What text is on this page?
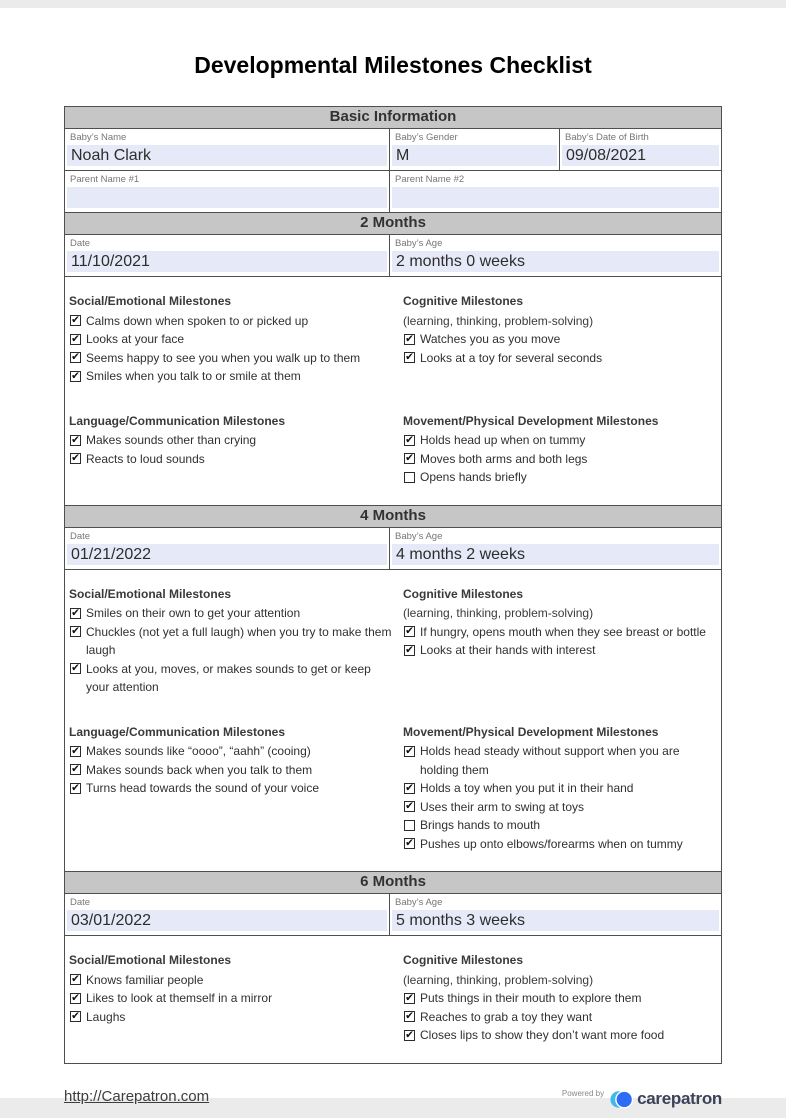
Developmental Milestones Checklist
Basic Information
Baby’s Name
Noah Clark
Baby’s Gender
M
Baby’s Date of Birth
09/08/2021
Parent Name #1	Parent Name #2
2 Months
Date
11/10/2021
Baby’s Age
2 months 0 weeks
Social/Emotional Milestones
✔ Calms down when spoken to or picked up
✔ Looks at your face
✔ Seems happy to see you when you walk up to them
✔ Smiles when you talk to or smile at them
Cognitive Milestones
(learning, thinking, problem-solving)
✔ Watches you as you move
✔ Looks at a toy for several seconds
Language/Communication Milestones
✔ Makes sounds other than crying
✔ Reacts to loud sounds
Movement/Physical Development Milestones
✔ Holds head up when on tummy
✔ Moves both arms and both legs
Opens hands briefly
4 Months
Date
01/21/2022
Baby’s Age
4 months 2 weeks
Social/Emotional Milestones
✔ Smiles on their own to get your attention
✔ Chuckles (not yet a full laugh) when you try to make them laugh
✔ Looks at you, moves, or makes sounds to get or keep your attention
Cognitive Milestones
(learning, thinking, problem-solving)
✔ If hungry, opens mouth when they see breast or bottle
✔ Looks at their hands with interest
Language/Communication Milestones
✔ Makes sounds like “oooo”, “aahh” (cooing)
✔ Makes sounds back when you talk to them
✔ Turns head towards the sound of your voice
Movement/Physical Development Milestones
✔ Holds head steady without support when you are holding them
✔ Holds a toy when you put it in their hand
✔ Uses their arm to swing at toys
Brings hands to mouth
✔ Pushes up onto elbows/forearms when on tummy
6 Months
Date
03/01/2022
Baby’s Age
5 months 3 weeks
Social/Emotional Milestones
✔ Knows familiar people
✔ Likes to look at themself in a mirror
✔ Laughs
Cognitive Milestones
(learning, thinking, problem-solving)
✔ Puts things in their mouth to explore them
✔ Reaches to grab a toy they want
✔ Closes lips to show they don’t want more food
http://Carepatron.com	Powered by carepatron
